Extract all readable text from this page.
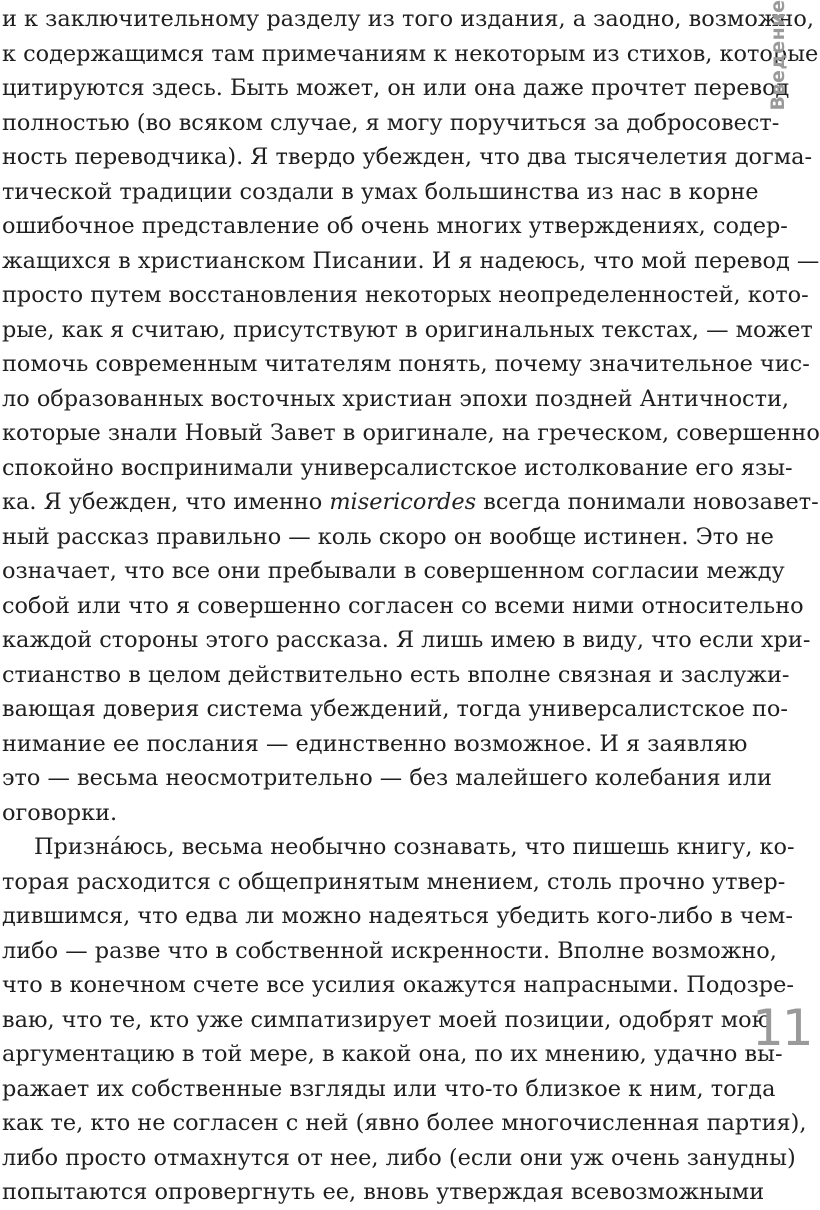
и к заключительному разделу из того издания, а заодно, возможно,
к содержащимся там примечаниям к некоторым из стихов, которые
цитируются здесь. Быть может, он или она даже прочтет перевод
полностью (во всяком случае, я могу поручиться за добросовест-
ность переводчика). Я твердо убежден, что два тысячелетия догма-
тической традиции создали в умах большинства из нас в корне
ошибочное представление об очень многих утверждениях, содер-
жащихся в христианском Писании. И я надеюсь, что мой перевод —
просто путем восстановления некоторых неопределенностей, кото-
рые, как я считаю, присутствуют в оригинальных текстах, — может
помочь современным читателям понять, почему значительное чис-
ло образованных восточных христиан эпохи поздней Античности,
которые знали Новый Завет в оригинале, на греческом, совершенно
спокойно воспринимали универсалистское истолкование его язы-
ка. Я убежден, что именно misericordes всегда понимали новозавет-
ный рассказ правильно — коль скоро он вообще истинен. Это не
означает, что все они пребывали в совершенном согласии между
собой или что я совершенно согласен со всеми ними относительно
каждой стороны этого рассказа. Я лишь имею в виду, что если хри-
стианство в целом действительно есть вполне связная и заслужи-
вающая доверия система убеждений, тогда универсалистское по-
нимание ее послания — единственно возможное. И я заявляю
это — весьма неосмотрительно — без малейшего колебания или
оговорки.
Призна́юсь, весьма необычно сознавать, что пишешь книгу, ко-
торая расходится с общепринятым мнением, столь прочно утвер-
дившимся, что едва ли можно надеяться убедить кого-либо в чем-
либо — разве что в собственной искренности. Вполне возможно,
что в конечном счете все усилия окажутся напрасными. Подозре-
ваю, что те, кто уже симпатизирует моей позиции, одобрят мою
аргументацию в той мере, в какой она, по их мнению, удачно вы-
ражает их собственные взгляды или что-то близкое к ним, тогда
как те, кто не согласен с ней (явно более многочисленная партия),
либо просто отмахнутся от нее, либо (если они уж очень занудны)
попытаются опровергнуть ее, вновь утверждая всевозможными
Введение
11
